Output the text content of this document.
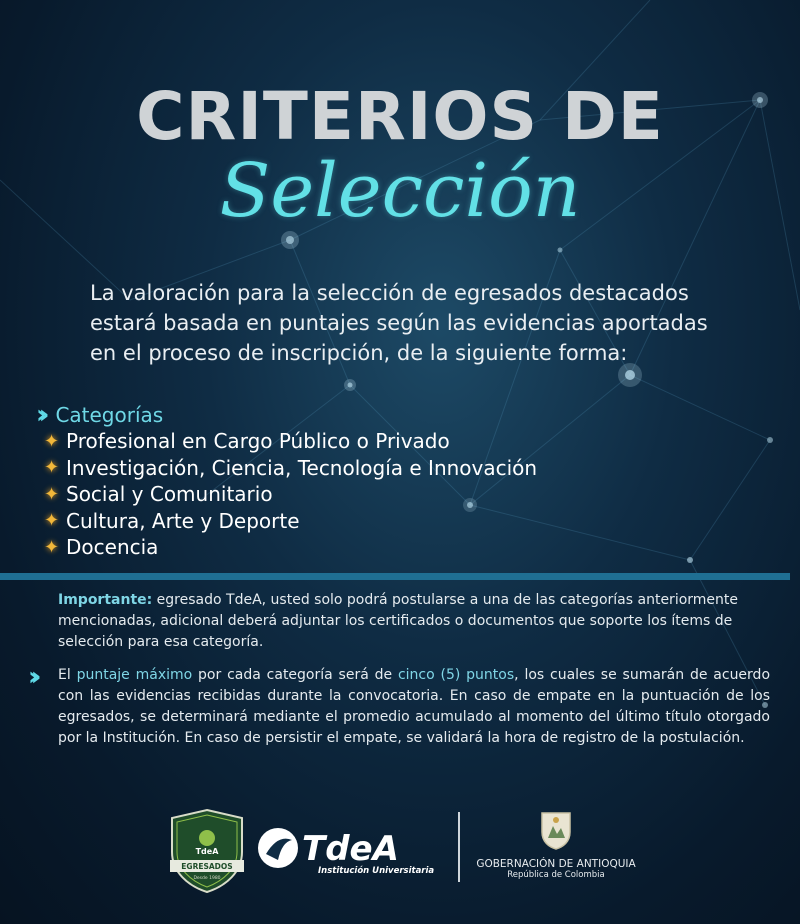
CRITERIOS DE
Selección
La valoración para la selección de egresados destacados estará basada en puntajes según las evidencias aportadas en el proceso de inscripción, de la siguiente forma:
›› Categorías
✦ Profesional en Cargo Público o Privado
✦ Investigación, Ciencia, Tecnología e Innovación
✦ Social y Comunitario
✦ Cultura, Arte y Deporte
✦ Docencia
Importante: egresado TdeA, usted solo podrá postularse a una de las categorías anteriormente mencionadas, adicional deberá adjuntar los certificados o documentos que soporte los ítems de selección para esa categoría.
›› El puntaje máximo por cada categoría será de cinco (5) puntos, los cuales se sumarán de acuerdo con las evidencias recibidas durante la convocatoria. En caso de empate en la puntuación de los egresados, se determinará mediante el promedio acumulado al momento del último título otorgado por la Institución. En caso de persistir el empate, se validará la hora de registro de la postulación.
TdeA
EGRESADOS
Desde 1980
TdeA
Institución Universitaria
GOBERNACIÓN DE ANTIOQUIA
República de Colombia
